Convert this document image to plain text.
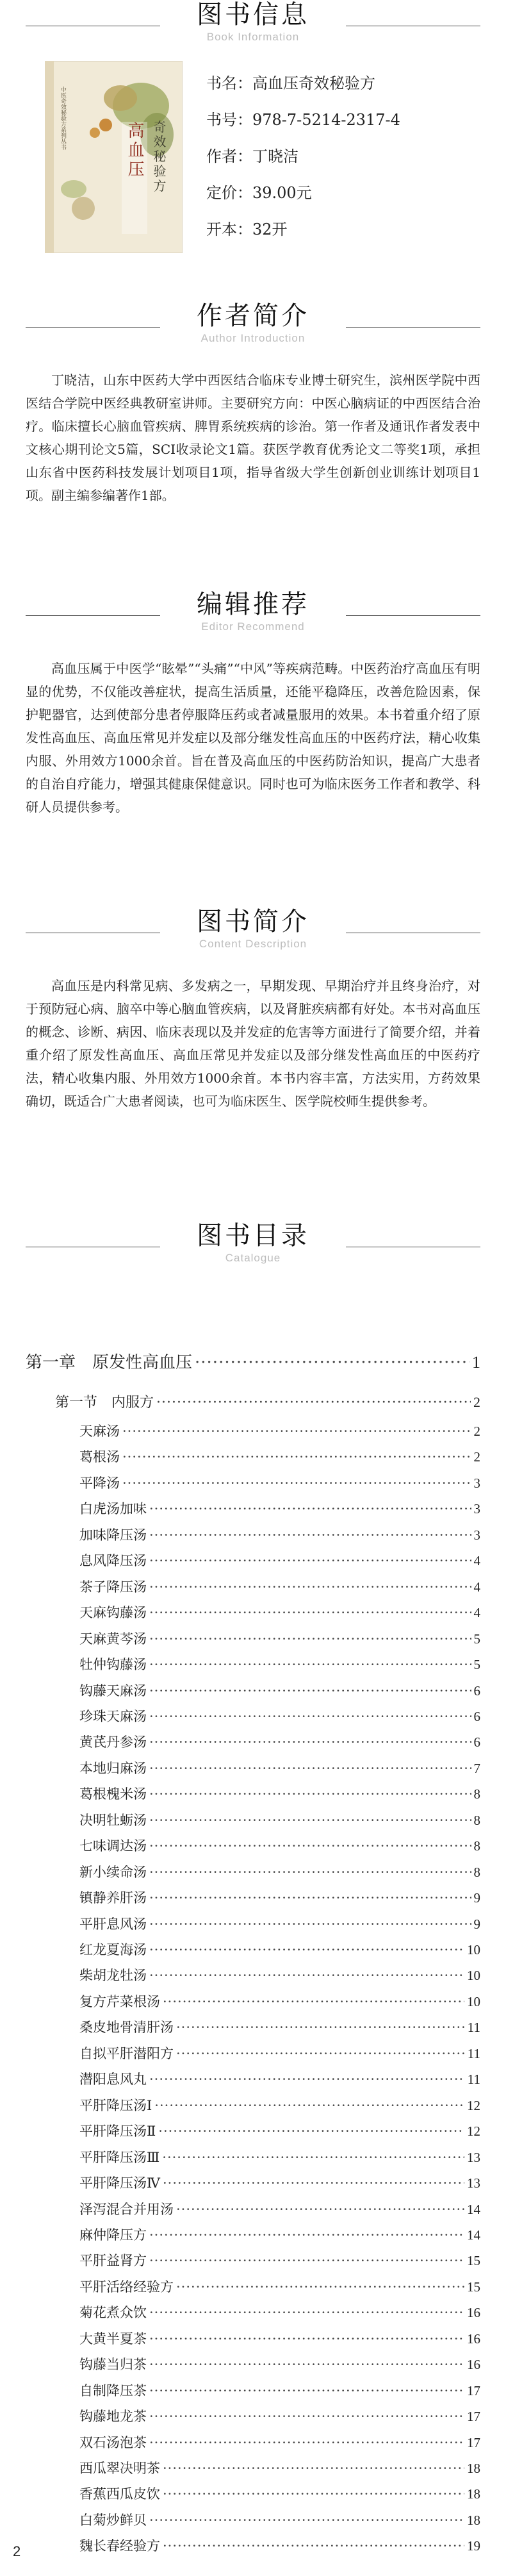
图书信息
Book Information
高血压 奇效秘验方
中医奇效秘验方系列丛书
书名：高血压奇效秘验方
书号：978-7-5214-2317-4
作者：丁晓洁
定价：39.00元
开本：32开
作者简介
Author Introduction

丁晓洁，山东中医药大学中西医结合临床专业博士研究生，滨州医学院中西医结合学院中医经典教研室讲师。主要研究方向：中医心脑病证的中西医结合治疗。临床擅长心脑血管疾病、脾胃系统疾病的诊治。第一作者及通讯作者发表中文核心期刊论文5篇，SCI收录论文1篇。获医学教育优秀论文二等奖1项，承担山东省中医药科技发展计划项目1项，指导省级大学生创新创业训练计划项目1项。副主编参编著作1部。

编辑推荐
Editor Recommend

高血压属于中医学“眩晕”“头痛”“中风”等疾病范畴。中医药治疗高血压有明显的优势，不仅能改善症状，提高生活质量，还能平稳降压，改善危险因素，保护靶器官，达到使部分患者停服降压药或者减量服用的效果。本书着重介绍了原发性高血压、高血压常见并发症以及部分继发性高血压的中医药疗法，精心收集内服、外用效方1000余首。旨在普及高血压的中医药防治知识，提高广大患者的自治自疗能力，增强其健康保健意识。同时也可为临床医务工作者和教学、科研人员提供参考。

图书简介
Content Description

高血压是内科常见病、多发病之一，早期发现、早期治疗并且终身治疗，对于预防冠心病、脑卒中等心脑血管疾病，以及肾脏疾病都有好处。本书对高血压的概念、诊断、病因、临床表现以及并发症的危害等方面进行了简要介绍，并着重介绍了原发性高血压、高血压常见并发症以及部分继发性高血压的中医药疗法，精心收集内服、外用效方1000余首。本书内容丰富，方法实用，方药效果确切，既适合广大患者阅读，也可为临床医生、医学院校师生提供参考。

图书目录
Catalogue
第一章　原发性高血压 ·····	1
第一节　内服方 ·····	2
天麻汤 ·····	2
葛根汤 ·····	2
平降汤 ·····	3
白虎汤加味 ·····	3
加味降压汤 ·····	3
息风降压汤 ·····	4
茶子降压汤 ·····	4
天麻钩藤汤 ·····	4
天麻黄芩汤 ·····	5
牡仲钩藤汤 ·····	5
钩藤天麻汤 ·····	6
珍珠天麻汤 ·····	6
黄芪丹参汤 ·····	6
本地归麻汤 ·····	7
葛根槐米汤 ·····	8
决明牡蛎汤 ·····	8
七味调达汤 ·····	8
新小续命汤 ·····	8
镇静养肝汤 ·····	9
平肝息风汤 ·····	9
红龙夏海汤 ·····	10
柴胡龙牡汤 ·····	10
复方芹菜根汤 ·····	10
桑皮地骨清肝汤 ·····	11
自拟平肝潜阳方 ·····	11
潜阳息风丸 ·····	11
平肝降压汤Ⅰ ·····	12
平肝降压汤Ⅱ ·····	12
平肝降压汤Ⅲ ·····	13
平肝降压汤Ⅳ ·····	13
泽泻混合并用汤 ·····	14
麻仲降压方 ·····	14
平肝益肾方 ·····	15
平肝活络经验方 ·····	15
菊花煮众饮 ·····	16
大黄半夏茶 ·····	16
钩藤当归茶 ·····	16
自制降压茶 ·····	17
钩藤地龙茶 ·····	17
双石汤泡茶 ·····	17
西瓜翠决明茶 ·····	18
香蕉西瓜皮饮 ·····	18
白菊炒鲜贝 ·····	18
魏长春经验方 ·····	19
2
